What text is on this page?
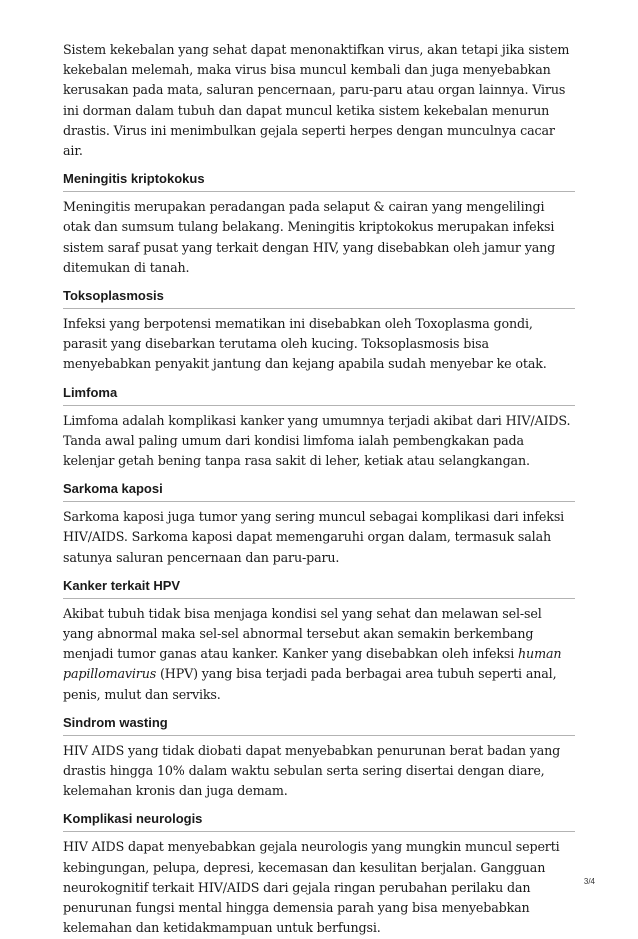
Sistem kekebalan yang sehat dapat menonaktifkan virus, akan tetapi jika sistem kekebalan melemah, maka virus bisa muncul kembali dan juga menyebabkan kerusakan pada mata, saluran pencernaan, paru-paru atau organ lainnya. Virus ini dorman dalam tubuh dan dapat muncul ketika sistem kekebalan menurun drastis. Virus ini menimbulkan gejala seperti herpes dengan munculnya cacar air.

Meningitis kriptokokus

Meningitis merupakan peradangan pada selaput & cairan yang mengelilingi otak dan sumsum tulang belakang. Meningitis kriptokokus merupakan infeksi sistem saraf pusat yang terkait dengan HIV, yang disebabkan oleh jamur yang ditemukan di tanah.

Toksoplasmosis

Infeksi yang berpotensi mematikan ini disebabkan oleh Toxoplasma gondi, parasit yang disebarkan terutama oleh kucing. Toksoplasmosis bisa menyebabkan penyakit jantung dan kejang apabila sudah menyebar ke otak.

Limfoma

Limfoma adalah komplikasi kanker yang umumnya terjadi akibat dari HIV/AIDS. Tanda awal paling umum dari kondisi limfoma ialah pembengkakan pada kelenjar getah bening tanpa rasa sakit di leher, ketiak atau selangkangan.

Sarkoma kaposi

Sarkoma kaposi juga tumor yang sering muncul sebagai komplikasi dari infeksi HIV/AIDS. Sarkoma kaposi dapat memengaruhi organ dalam, termasuk salah satunya saluran pencernaan dan paru-paru.

Kanker terkait HPV

Akibat tubuh tidak bisa menjaga kondisi sel yang sehat dan melawan sel-sel yang abnormal maka sel-sel abnormal tersebut akan semakin berkembang menjadi tumor ganas atau kanker. Kanker yang disebabkan oleh infeksi human papillomavirus (HPV) yang bisa terjadi pada berbagai area tubuh seperti anal, penis, mulut dan serviks.

Sindrom wasting

HIV AIDS yang tidak diobati dapat menyebabkan penurunan berat badan yang drastis hingga 10% dalam waktu sebulan serta sering disertai dengan diare, kelemahan kronis dan juga demam.

Komplikasi neurologis

HIV AIDS dapat menyebabkan gejala neurologis yang mungkin muncul seperti kebingungan, pelupa, depresi, kecemasan dan kesulitan berjalan. Gangguan neurokognitif terkait HIV/AIDS dari gejala ringan perubahan perilaku dan penurunan fungsi mental hingga demensia parah yang bisa menyebabkan kelemahan dan ketidakmampuan untuk berfungsi.

3/4
